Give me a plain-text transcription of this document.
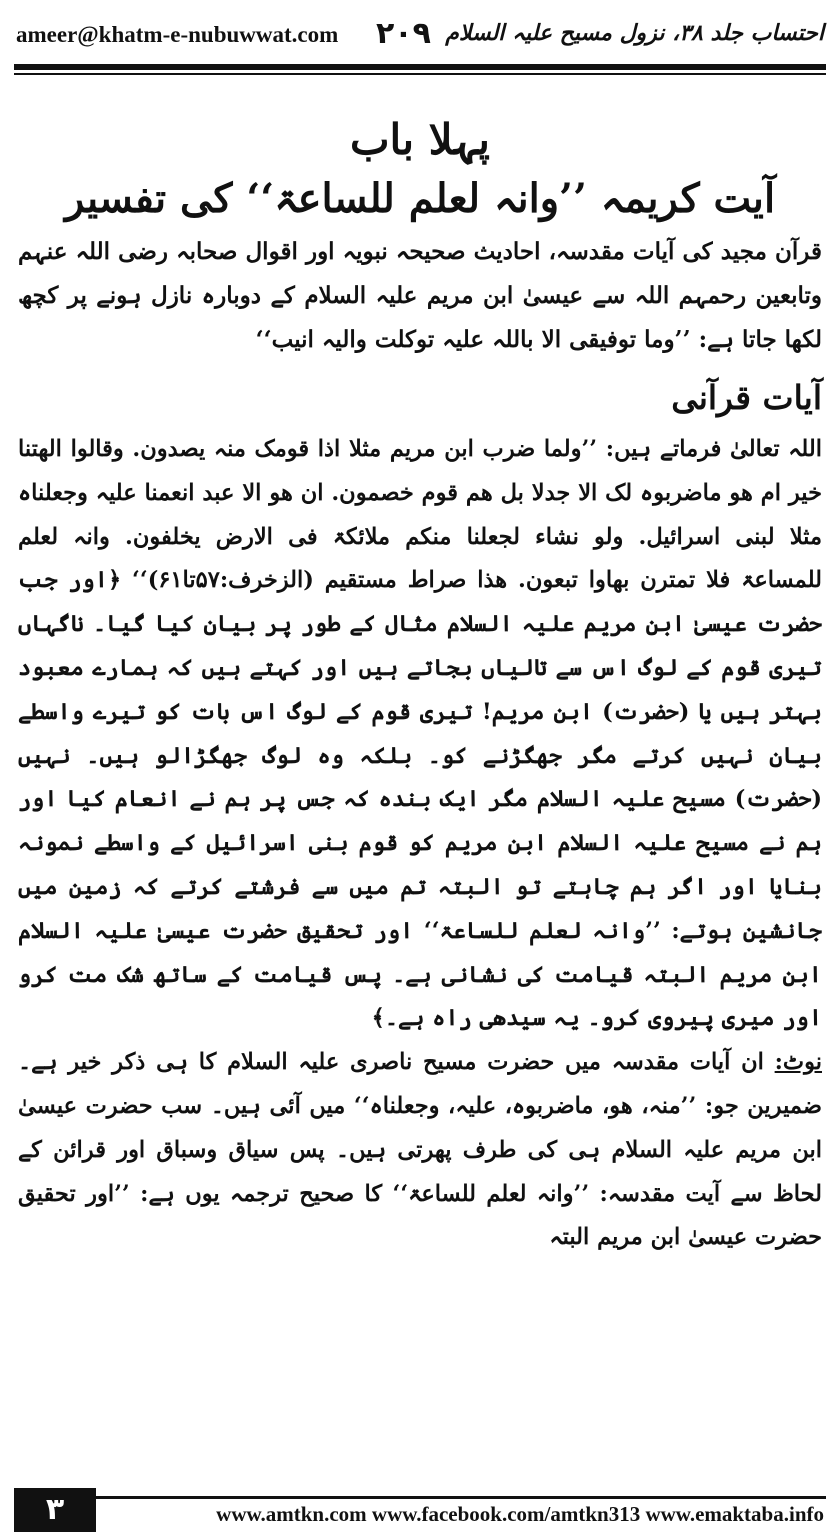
ameer@khatm-e-nubuwwat.com ۲۰۹ احتساب جلد ۳۸، نزول مسیح علیہ السلام
پہلا باب
آیت کریمہ ’’وانہ لعلم للساعۃ‘‘ کی تفسیر

قرآن مجید کی آیات مقدسہ، احادیث صحیحہ نبویہ اور اقوال صحابہ رضی اللہ عنہم وتابعین رحمہم اللہ سے عیسیٰ ابن مریم علیہ السلام کے دوبارہ نازل ہونے پر کچھ لکھا جاتا ہے: ’’وما توفیقی الا باللہ علیہ توکلت والیہ انیب‘‘

آیات قرآنی

اللہ تعالیٰ فرماتے ہیں: ’’ولما ضرب ابن مریم مثلا اذا قومک منہ یصدون. وقالوا الھتنا خیر ام ھو ماضربوہ لک الا جدلا بل ھم قوم خصمون. ان ھو الا عبد انعمنا علیہ وجعلناہ مثلا لبنی اسرائیل. ولو نشاء لجعلنا منکم ملائکۃ فی الارض یخلفون. وانہ لعلم للمساعۃ فلا تمترن بھاوا تبعون. ھذا صراط مستقیم (الزخرف:۵۷تا۶۱)‘‘ ﴿اور جب حضرت عیسیٰ ابن مریم علیہ السلام مثال کے طور پر بیان کیا گیا۔ ناگہاں تیری قوم کے لوگ اس سے تالیاں بجاتے ہیں اور کہتے ہیں کہ ہمارے معبود بہتر ہیں یا (حضرت) ابن مریم! تیری قوم کے لوگ اس بات کو تیرے واسطے بیان نہیں کرتے مگر جھگڑنے کو۔ بلکہ وہ لوگ جھگڑالو ہیں۔ نہیں (حضرت) مسیح علیہ السلام مگر ایک بندہ کہ جس پر ہم نے انعام کیا اور ہم نے مسیح علیہ السلام ابن مریم کو قوم بنی اسرائیل کے واسطے نمونہ بنایا اور اگر ہم چاہتے تو البتہ تم میں سے فرشتے کرتے کہ زمین میں جانشین ہوتے: ’’وانہ لعلم للساعۃ‘‘ اور تحقیق حضرت عیسیٰ علیہ السلام ابن مریم البتہ قیامت کی نشانی ہے۔ پس قیامت کے ساتھ شک مت کرو اور میری پیروی کرو۔ یہ سیدھی راہ ہے۔﴾

نوٹ: ان آیات مقدسہ میں حضرت مسیح ناصری علیہ السلام کا ہی ذکر خیر ہے۔ ضمیرین جو: ’’منہ، ھو، ماضربوہ، علیہ، وجعلناہ‘‘ میں آئی ہیں۔ سب حضرت عیسیٰ ابن مریم علیہ السلام ہی کی طرف پھرتی ہیں۔ پس سیاق وسباق اور قرائن کے لحاظ سے آیت مقدسہ: ’’وانہ لعلم للساعۃ‘‘ کا صحیح ترجمہ یوں ہے: ’’اور تحقیق حضرت عیسیٰ ابن مریم البتہ

۳	www.amtkn.com www.facebook.com/amtkn313 www.emaktaba.info
